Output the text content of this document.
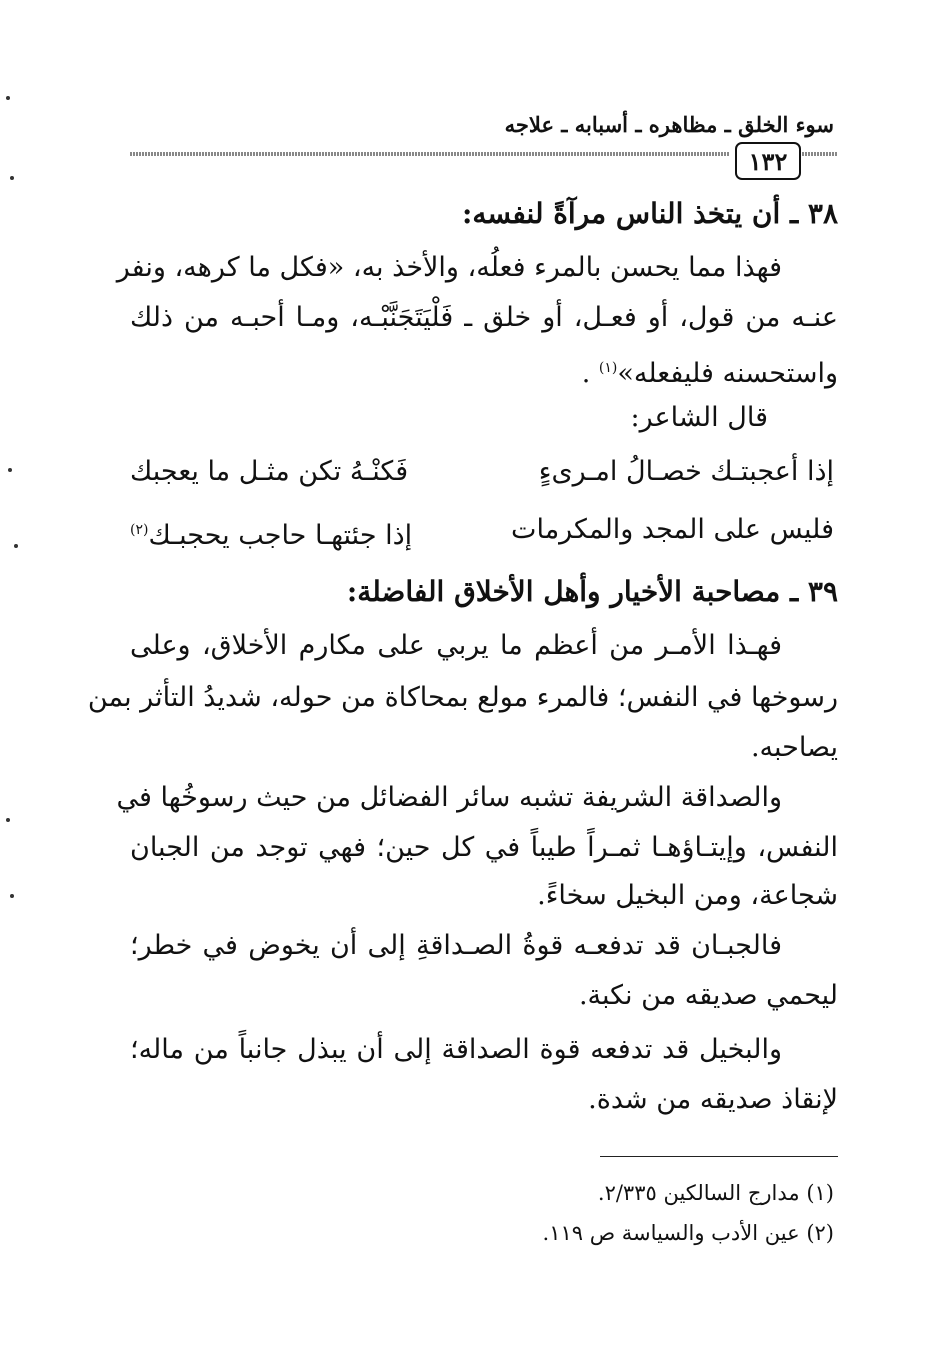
سوء الخلق ـ مظاهره ـ أسبابه ـ علاجه
١٣٢
٣٨ ـ أن يتخذ الناس مرآةً لنفسه:
فهذا مما يحسن بالمرء فعلُه، والأخذ به، «فكل ما كرهه، ونفر
عنـه من قول، أو فعـل، أو خلق ـ فَلْيَتَجَنَّبْـه، ومـا أحبـه من ذلك
واستحسنه فليفعله»$^{(١)}$ .
قال الشاعر:
إذا أعجبتـك خصـالُ امـرىءٍ
فَكنْـهُ تكن مثـل ما يعجبك
فليس على المجد والمكرمات
إذا جئتهـا حاجب يحجبـك$^{(٢)}$
٣٩ ـ مصاحبة الأخيار وأهل الأخلاق الفاضلة:
فهـذا الأمـر من أعظم ما يربي على مكارم الأخلاق، وعلى
رسوخها في النفس؛ فالمرء مولع بمحاكاة من حوله، شديدُ التأثر بمن
يصاحبه.
والصداقة الشريفة تشبه سائر الفضائل من حيث رسوخُها في
النفس، وإيتـاؤهـا ثمـراً طيباً في كل حين؛ فهي توجد من الجبان
شجاعة، ومن البخيل سخاءً.
فالجبـان قد تدفعـه قوةُ الصـداقةِ إلى أن يخوض في خطر؛
ليحمي صديقه من نكبة.
والبخيل قد تدفعه قوة الصداقة إلى أن يبذل جانباً من ماله؛
لإنقاذ صديقه من شدة.
(١) مدارج السالكين ٢/٣٣٥.
(٢) عين الأدب والسياسة ص ١١٩.
